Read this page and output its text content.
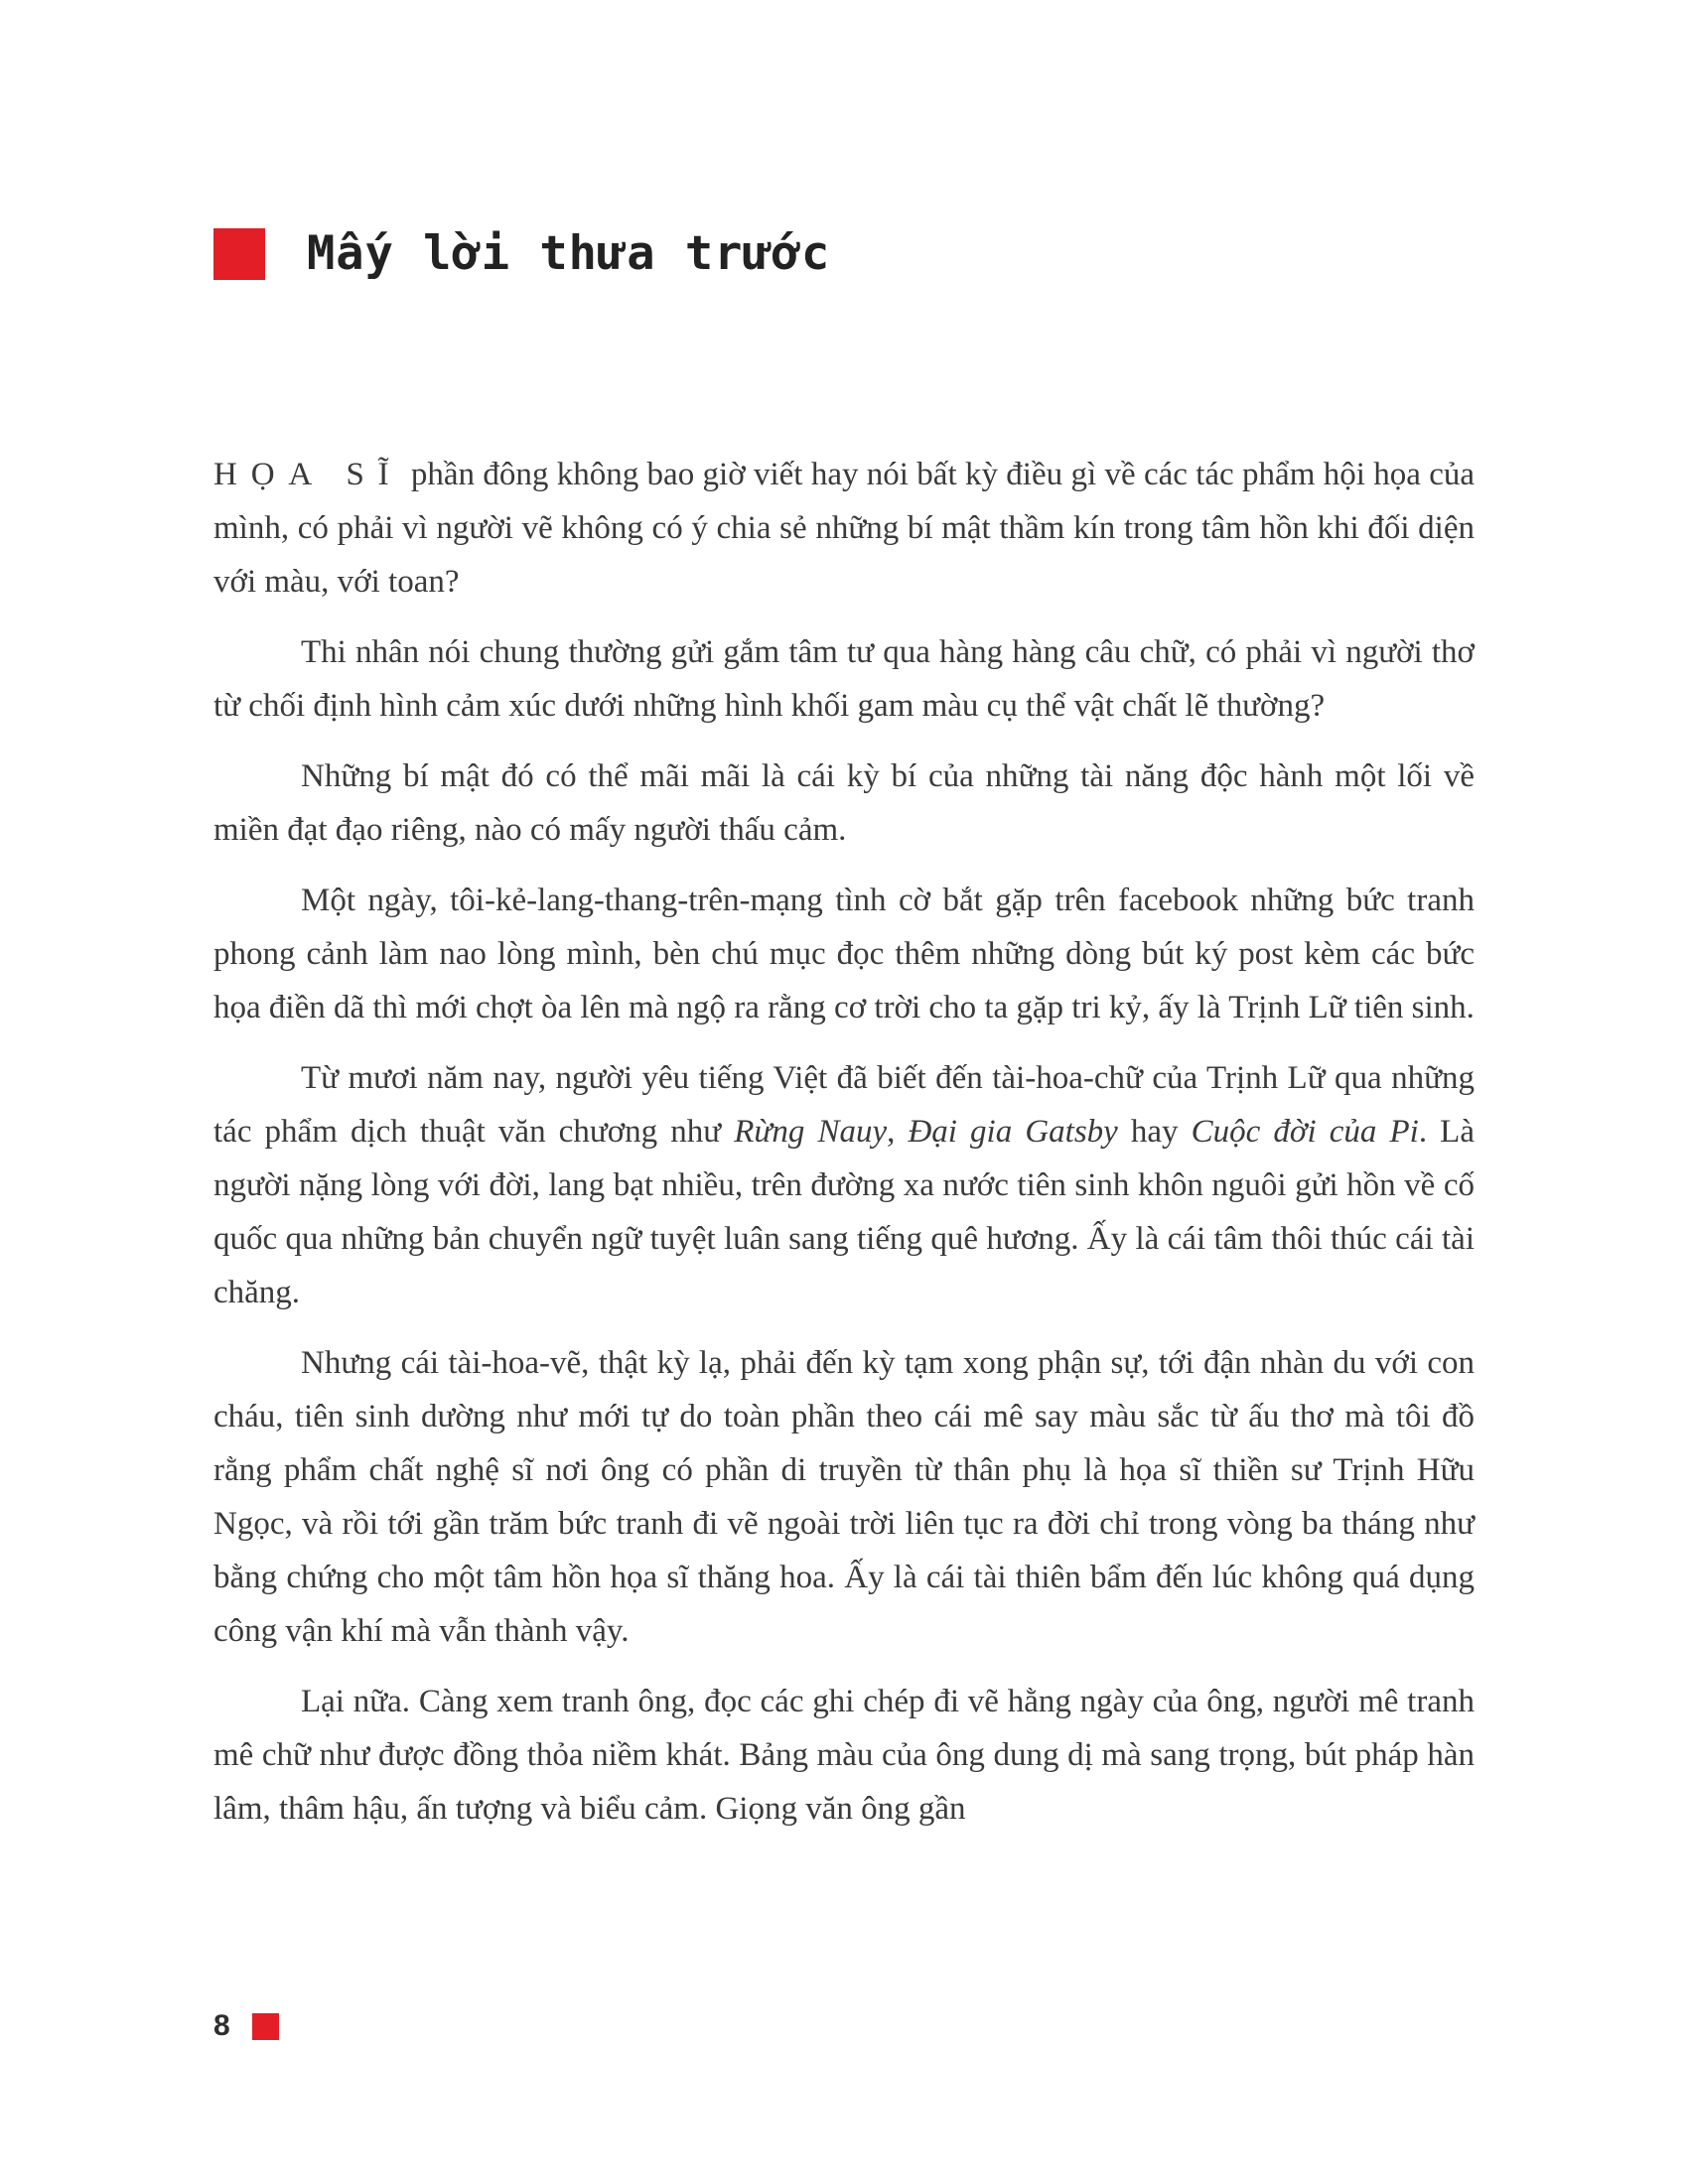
Mấy lời thưa trước

HỌA SĨ phần đông không bao giờ viết hay nói bất kỳ điều gì về các tác phẩm hội họa của mình, có phải vì người vẽ không có ý chia sẻ những bí mật thầm kín trong tâm hồn khi đối diện với màu, với toan?

Thi nhân nói chung thường gửi gắm tâm tư qua hàng hàng câu chữ, có phải vì người thơ từ chối định hình cảm xúc dưới những hình khối gam màu cụ thể vật chất lẽ thường?

Những bí mật đó có thể mãi mãi là cái kỳ bí của những tài năng độc hành một lối về miền đạt đạo riêng, nào có mấy người thấu cảm.

Một ngày, tôi-kẻ-lang-thang-trên-mạng tình cờ bắt gặp trên facebook những bức tranh phong cảnh làm nao lòng mình, bèn chú mục đọc thêm những dòng bút ký post kèm các bức họa điền dã thì mới chợt òa lên mà ngộ ra rằng cơ trời cho ta gặp tri kỷ, ấy là Trịnh Lữ tiên sinh.

Từ mươi năm nay, người yêu tiếng Việt đã biết đến tài-hoa-chữ của Trịnh Lữ qua những tác phẩm dịch thuật văn chương như Rừng Nauy, Đại gia Gatsby hay Cuộc đời của Pi. Là người nặng lòng với đời, lang bạt nhiều, trên đường xa nước tiên sinh khôn nguôi gửi hồn về cố quốc qua những bản chuyển ngữ tuyệt luân sang tiếng quê hương. Ấy là cái tâm thôi thúc cái tài chăng.

Nhưng cái tài-hoa-vẽ, thật kỳ lạ, phải đến kỳ tạm xong phận sự, tới đận nhàn du với con cháu, tiên sinh dường như mới tự do toàn phần theo cái mê say màu sắc từ ấu thơ mà tôi đồ rằng phẩm chất nghệ sĩ nơi ông có phần di truyền từ thân phụ là họa sĩ thiền sư Trịnh Hữu Ngọc, và rồi tới gần trăm bức tranh đi vẽ ngoài trời liên tục ra đời chỉ trong vòng ba tháng như bằng chứng cho một tâm hồn họa sĩ thăng hoa. Ấy là cái tài thiên bẩm đến lúc không quá dụng công vận khí mà vẫn thành vậy.

Lại nữa. Càng xem tranh ông, đọc các ghi chép đi vẽ hằng ngày của ông, người mê tranh mê chữ như được đồng thỏa niềm khát. Bảng màu của ông dung dị mà sang trọng, bút pháp hàn lâm, thâm hậu, ấn tượng và biểu cảm. Giọng văn ông gần

8
